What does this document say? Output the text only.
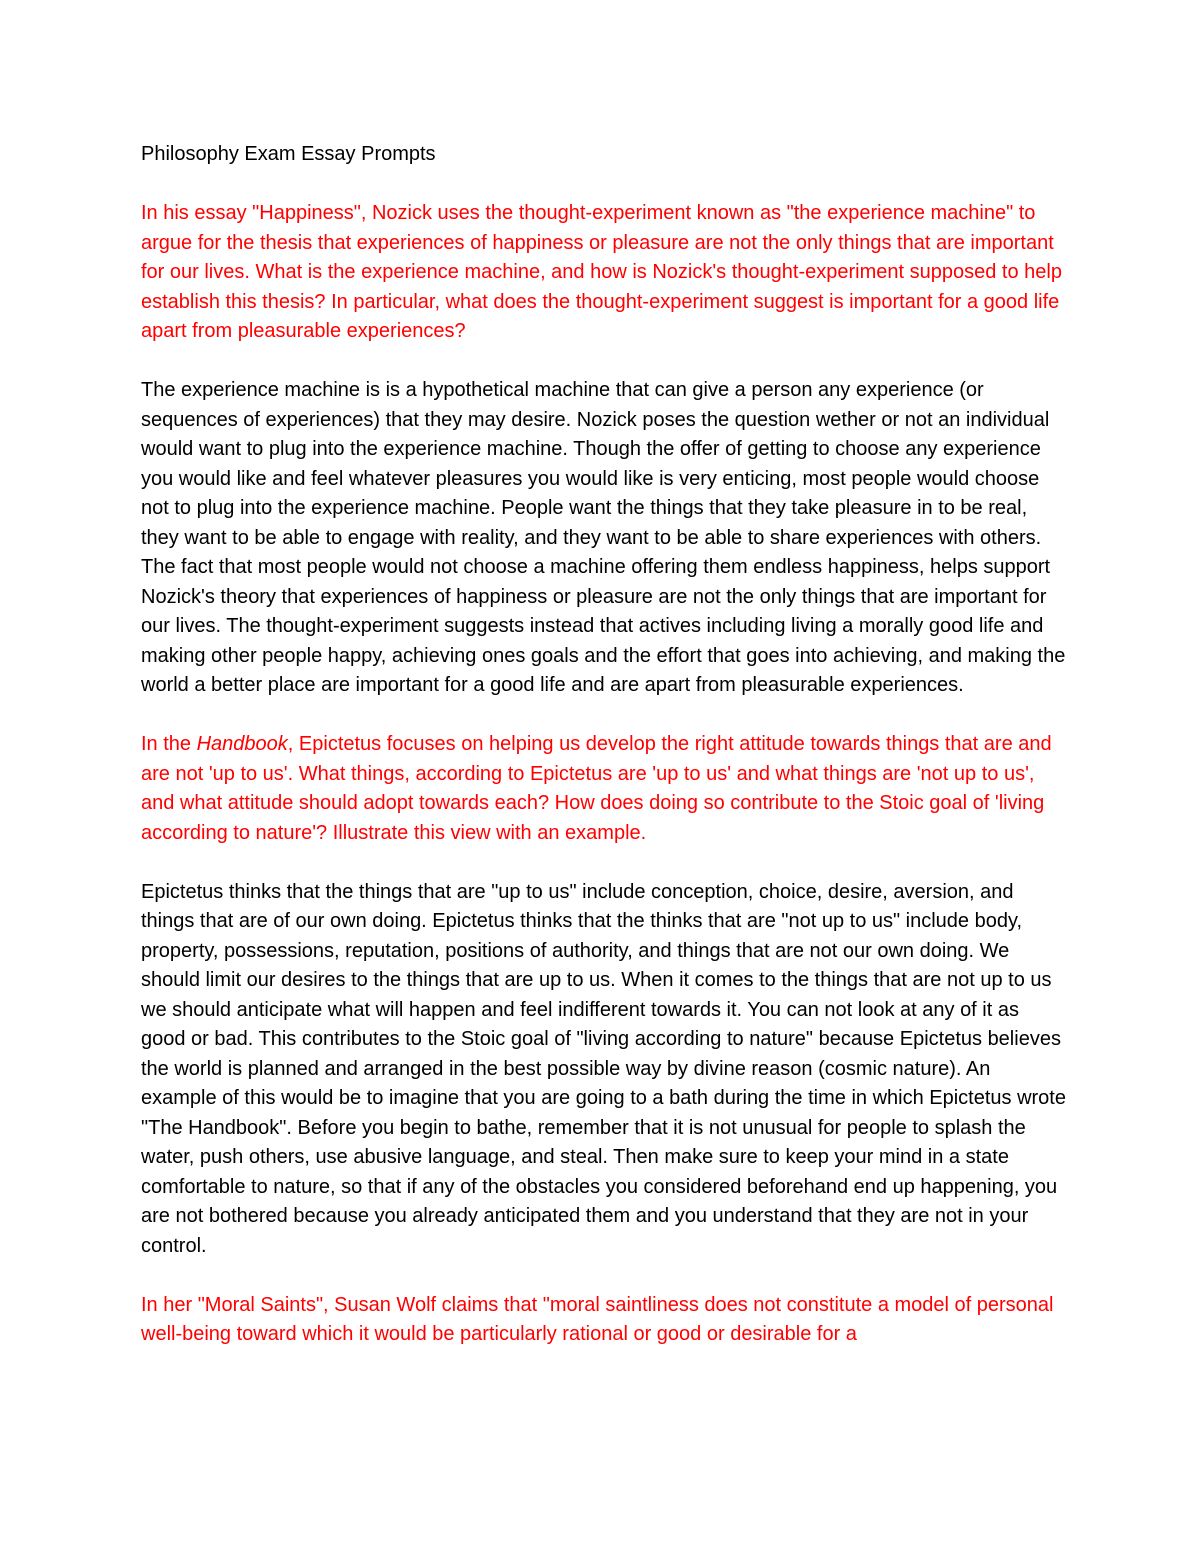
Philosophy Exam Essay Prompts

In his essay "Happiness", Nozick uses the thought-experiment known as "the experience machine" to argue for the thesis that experiences of happiness or pleasure are not the only things that are important for our lives. What is the experience machine, and how is Nozick's thought-experiment supposed to help establish this thesis? In particular, what does the thought-experiment suggest is important for a good life apart from pleasurable experiences?

The experience machine is is a hypothetical machine that can give a person any experience (or sequences of experiences) that they may desire. Nozick poses the question wether or not an individual would want to plug into the experience machine. Though the offer of getting to choose any experience you would like and feel whatever pleasures you would like is very enticing, most people would choose not to plug into the experience machine. People want the things that they take pleasure in to be real, they want to be able to engage with reality, and they want to be able to share experiences with others. The fact that most people would not choose a machine offering them endless happiness, helps support Nozick's theory that experiences of happiness or pleasure are not the only things that are important for our lives. The thought-experiment suggests instead that actives including living a morally good life and making other people happy, achieving ones goals and the effort that goes into achieving, and making the world a better place are important for a good life and are apart from pleasurable experiences.

In the Handbook, Epictetus focuses on helping us develop the right attitude towards things that are and are not 'up to us'. What things, according to Epictetus are 'up to us' and what things are 'not up to us', and what attitude should adopt towards each? How does doing so contribute to the Stoic goal of 'living according to nature'? Illustrate this view with an example.

Epictetus thinks that the things that are "up to us" include conception, choice, desire, aversion, and things that are of our own doing. Epictetus thinks that the thinks that are "not up to us" include body, property, possessions, reputation, positions of authority, and things that are not our own doing. We should limit our desires to the things that are up to us. When it comes to the things that are not up to us we should anticipate what will happen and feel indifferent towards it. You can not look at any of it as good or bad. This contributes to the Stoic goal of "living according to nature" because Epictetus believes the world is planned and arranged in the best possible way by divine reason (cosmic nature). An example of this would be to imagine that you are going to a bath during the time in which Epictetus wrote "The Handbook". Before you begin to bathe, remember that it is not unusual for people to splash the water, push others, use abusive language, and steal. Then make sure to keep your mind in a state comfortable to nature, so that if any of the obstacles you considered beforehand end up happening, you are not bothered because you already anticipated them and you understand that they are not in your control.

In her "Moral Saints", Susan Wolf claims that "moral saintliness does not constitute a model of personal well-being toward which it would be particularly rational or good or desirable for a
